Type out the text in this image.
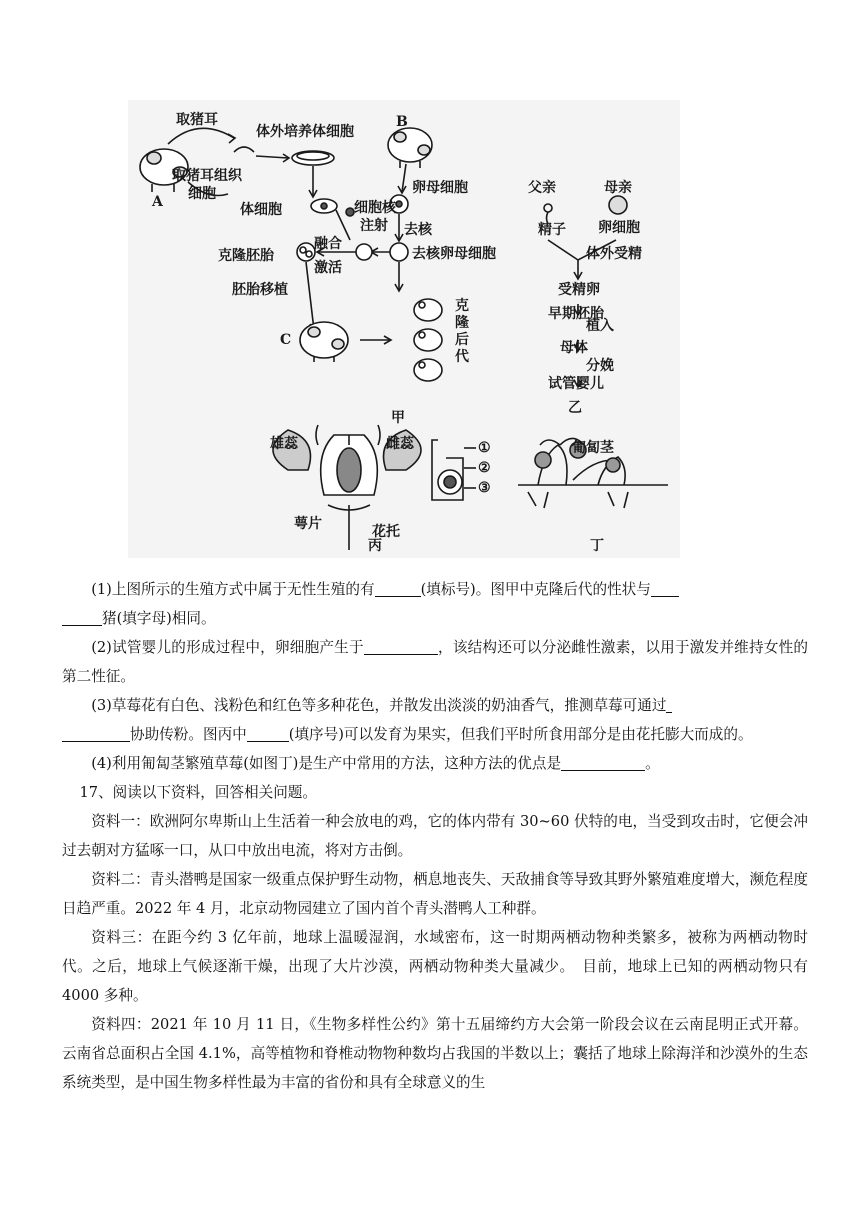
取猪耳
体外培养体细胞
取猪耳组织
细胞
A
B
卵母细胞
体细胞	细胞核
注射 去核
融合
去核卵母细胞
克隆胚胎
激活
胚胎移植
C
克隆后代
甲
父亲	母亲
精子 卵细胞
体外受精
受精卵
早期胚胎
植入
母体
分娩
试管婴儿
乙
雄蕊	雌蕊
萼片	花托
①
②
③
丙
匍匐茎
丁

(1)上图所示的生殖方式中属于无性生殖的有	(填标号)。图甲中克隆后代的性状与
猪(填字母)相同。

(2)试管婴儿的形成过程中，卵细胞产生于	，该结构还可以分泌雌性激素，以用于激发并维持女性的第二性征。

(3)草莓花有白色、浅粉色和红色等多种花色，并散发出淡淡的奶油香气，推测草莓可通过
协助传粉。图丙中	(填序号)可以发育为果实，但我们平时所食用部分是由花托膨大而成的。

(4)利用匍匐茎繁殖草莓(如图丁)是生产中常用的方法，这种方法的优点是	。

17、阅读以下资料，回答相关问题。

资料一：欧洲阿尔卑斯山上生活着一种会放电的鸡，它的体内带有 30~60 伏特的电，当受到攻击时，它便会冲过去朝对方猛啄一口，从口中放出电流，将对方击倒。

资料二：青头潜鸭是国家一级重点保护野生动物，栖息地丧失、天敌捕食等导致其野外繁殖难度增大，濒危程度日趋严重。2022 年 4 月，北京动物园建立了国内首个青头潜鸭人工种群。

资料三：在距今约 3 亿年前，地球上温暖湿润，水域密布，这一时期两栖动物种类繁多，被称为两栖动物时代。之后，地球上气候逐渐干燥，出现了大片沙漠，两栖动物种类大量减少。　目前，地球上已知的两栖动物只有4000 多种。

资料四：2021 年 10 月 11 日，《生物多样性公约》第十五届缔约方大会第一阶段会议在云南昆明正式开幕。云南省总面积占全国 4.1%，高等植物和脊椎动物物种数均占我国的半数以上；囊括了地球上除海洋和沙漠外的生态系统类型，是中国生物多样性最为丰富的省份和具有全球意义的生
